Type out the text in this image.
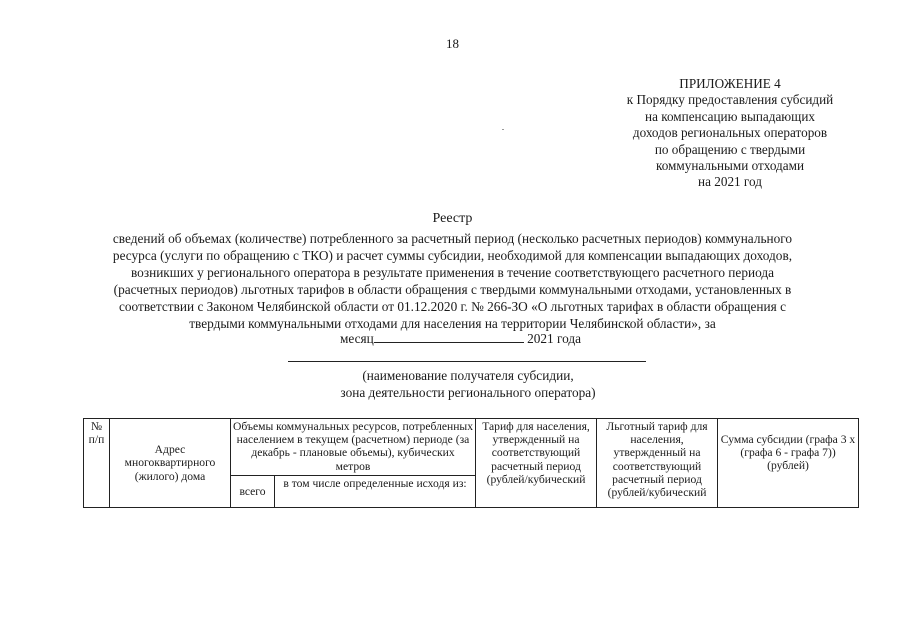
18
ПРИЛОЖЕНИЕ 4
к Порядку предоставления субсидий
на компенсацию выпадающих
доходов региональных операторов
по обращению с твердыми
коммунальными отходами
на 2021 год
Реестр
сведений об объемах (количестве) потребленного за расчетный период (несколько расчетных периодов) коммунального
ресурса (услуги по обращению с ТКО) и расчет суммы субсидии, необходимой для компенсации выпадающих доходов,
возникших у регионального оператора в результате применения в течение соответствующего расчетного периода
(расчетных периодов) льготных тарифов в области обращения с твердыми коммунальными отходами, установленных в
соответствии с Законом Челябинской области от 01.12.2020 г. № 266-ЗО «О льготных тарифах в области обращения с
твердыми коммунальными отходами для населения на территории Челябинской области», за
месяц	2021 года
(наименование получателя субсидии,
зона деятельности регионального оператора)
№ п/п	Адрес многоквартирного (жилого) дома	Объемы коммунальных ресурсов, потребленных населением в текущем (расчетном) периоде (за декабрь - плановые объемы), кубических метров		Тариф для населения, утвержденный на соответствующий расчетный период (рублей/кубический	Льготный тариф для населения, утвержденный на соответствующий расчетный период (рублей/кубический	Сумма субсидии (графа 3 х (графа 6 - графа 7)) (рублей)
		всего	в том числе определенные исходя из:			
